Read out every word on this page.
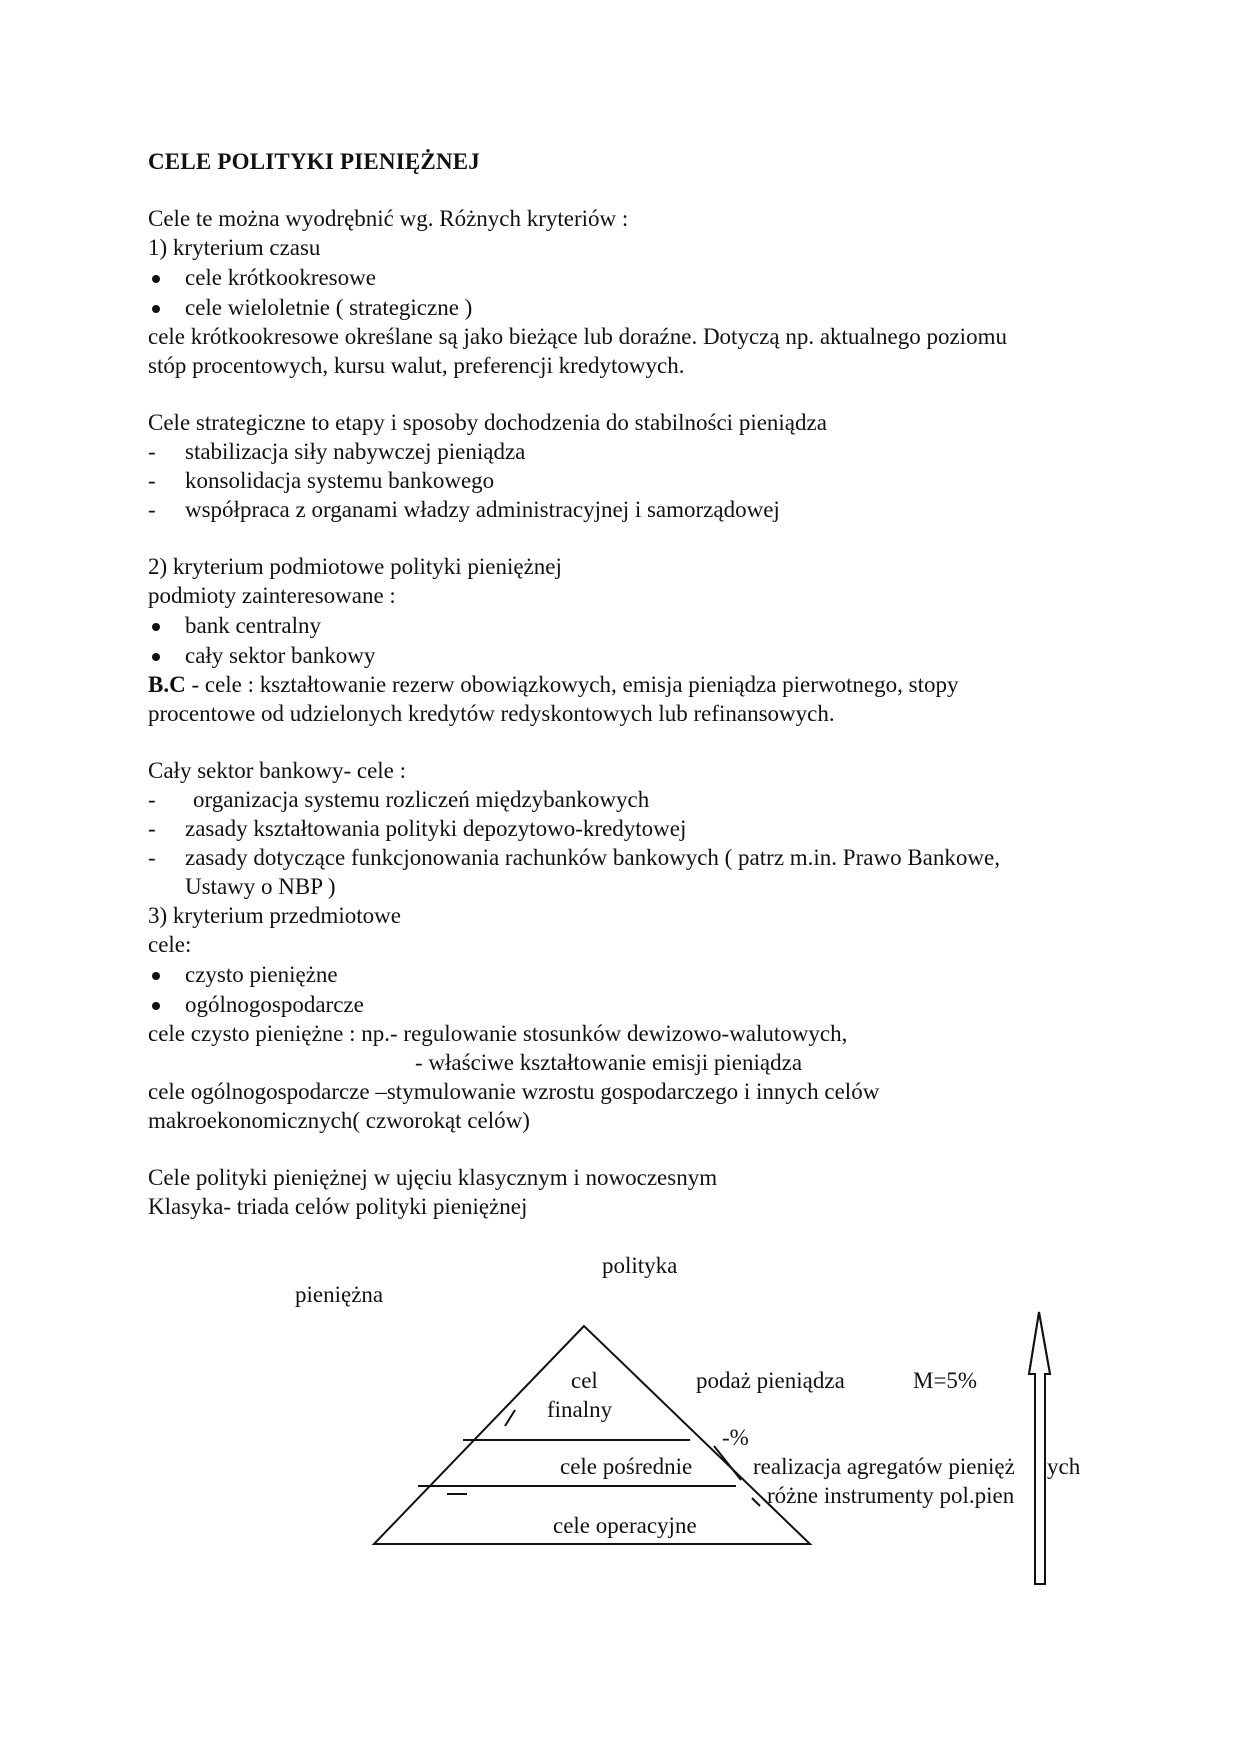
CELE POLITYKI PIENIĘŻNEJ
Cele te można wyodrębnić wg. Różnych kryteriów :
1) kryterium czasu
cele krótkookresowe
cele wieloletnie ( strategiczne )
cele krótkookresowe określane są jako bieżące lub doraźne. Dotyczą np. aktualnego poziomu
stóp procentowych, kursu walut, preferencji kredytowych.
Cele strategiczne to etapy i sposoby dochodzenia do stabilności pieniądza
-	stabilizacja siły nabywczej pieniądza
-	konsolidacja systemu bankowego
-	współpraca z organami władzy administracyjnej i samorządowej
2) kryterium podmiotowe polityki pieniężnej
podmioty zainteresowane :
bank centralny
cały sektor bankowy
B.C - cele : kształtowanie rezerw obowiązkowych, emisja pieniądza pierwotnego, stopy
procentowe od udzielonych kredytów redyskontowych lub refinansowych.
Cały sektor bankowy- cele :
-	organizacja systemu rozliczeń międzybankowych
-	zasady kształtowania polityki depozytowo-kredytowej
-	zasady dotyczące funkcjonowania rachunków bankowych ( patrz m.in. Prawo Bankowe,
Ustawy o NBP )
3) kryterium przedmiotowe
cele:
czysto pieniężne
ogólnogospodarcze
cele czysto pieniężne : np.- regulowanie stosunków dewizowo-walutowych,
- właściwe kształtowanie emisji pieniądza
cele ogólnogospodarcze –stymulowanie wzrostu gospodarczego i innych celów
makroekonomicznych( czworokąt celów)
Cele polityki pieniężnej w ujęciu klasycznym i nowoczesnym
Klasyka- triada celów polityki pieniężnej
polityka
pieniężna
cel
finalny
cele pośrednie
cele operacyjne
podaż pieniądza	M=5%
-%
realizacja agregatów pienięż ych
różne instrumenty pol.pien
